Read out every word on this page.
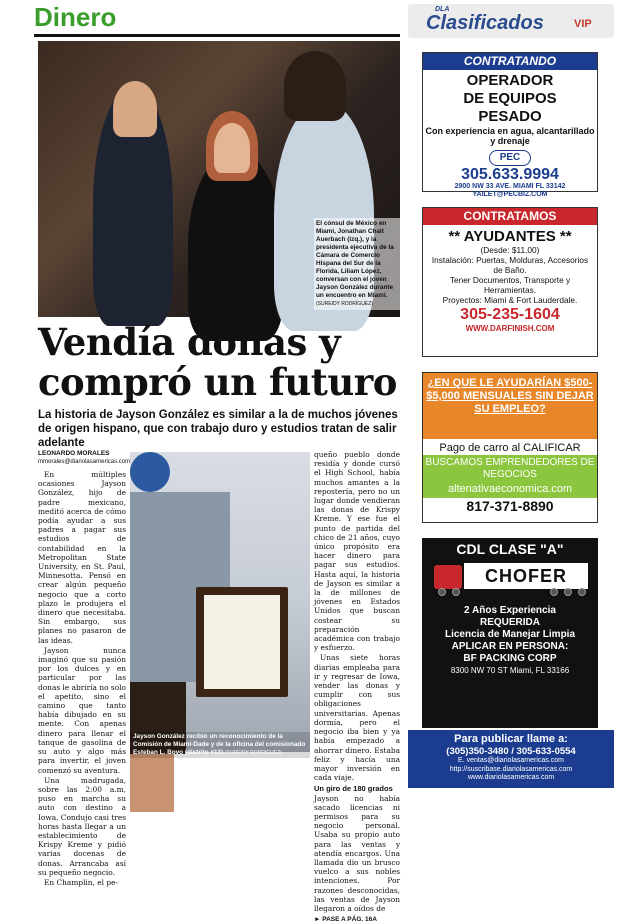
Dinero
El cónsul de México en Miami, Jonathan Chait Auerbach (izq.), y la presidenta ejecutiva de la Cámara de Comercio Hispana del Sur de la Florida, Liliam López, conversan con el joven Jayson González durante un encuentro en Miami. (SUREIDY RODRÍGUEZ)
Vendía donas y compró un futuro
La historia de Jayson González es similar a la de muchos jóvenes de origen hispano, que con trabajo duro y estudios tratan de salir adelante
LEONARDO MORALES
mmorales@diariolasamericas.com

En múltiples ocasiones Jayson González, hijo de padre mexicano, meditó acerca de cómo podía ayudar a sus padres a pagar sus estudios de contabilidad en la Metropolitan State University, en St. Paul, Minnesotta. Pensó en crear algún pequeño negocio que a corto plazo le produjera el dinero que necesitaba. Sin embargo, sus planes no pasaron de las ideas.

Jayson nunca imaginó que su pasión por los dulces y en particular por las donas le abriría no solo el apetito, sino el camino que tanto había dibujado en su mente. Con apenas dinero para llenar el tanque de gasolina de su auto y algo más para invertir, el joven comenzó su aventura.

Una madrugada, sobre las 2:00 a.m, puso en marcha su auto con destino a Iowa. Condujo casi tres horas hasta llegar a un establecimiento de Krispy Kreme y pidió varias docenas de donas. Arrancaba así su pequeño negocio.

En Champlin, el pe-

Jayson González recibió un reconocimiento de la Comisión de Miami-Dade y de la oficina del comisionado Esteban L. Bovo (distrito #13) (SUREIDY RODRÍGUEZ)

queño pueblo donde residía y donde cursó el High School, había muchos amantes a la repostería, pero no un lugar donde vendieran las donas de Krispy Kreme. Y ese fue el punto de partida del chico de 21 años, cuyo único propósito era hacer dinero para pagar sus estudios. Hasta aquí, la historia de Jayson es similar a la de millones de jóvenes en Estados Unidos que buscan costear su preparación académica con trabajo y esfuerzo.

Unas siete horas diarias empleaba para ir y regresar de Iowa, vender las donas y cumplir con sus obligaciones universitarias. Apenas dormía, pero el negocio iba bien y ya había empezado a ahorrar dinero. Estaba feliz y hacía una mayor inversión en cada viaje.

Un giro de 180 grados

Jayson no había sacado licencias ni permisos para su negocio personal. Usaba su propio auto para las ventas y atendía encargos. Una llamada dio un brusco vuelco a sus nobles intenciones. Por razones desconocidas, las ventas de Jayson llegaron a oídos de

► PASE A PÁG. 16A
DLA
Clasificados	VIP
CONTRATANDO
OPERADOR
DE EQUIPOS
PESADO
Con experiencia en agua, alcantarillado y drenaje
PEC
305.633.9994
2900 NW 33 AVE. MIAMI FL 33142
YAILET@PECBIZ.COM
CONTRATAMOS
** AYUDANTES **
(Desde: $11.00)
Instalación: Puertas, Molduras, Accesorios de Baño.
Tener Documentos, Transporte y Herramientas.
Proyectos: Miami & Fort Lauderdale.
305-235-1604
WWW.DARFINISH.COM
¿EN QUE LE AYUDARÍAN $500- $5,000 MENSUALES SIN DEJAR SU EMPLEO?
Pago de carro al CALIFICAR
BUSCAMOS EMPRENDEDORES DE NEGOCIOS
altenativaeconomica.com
817-371-8890
CDL CLASE "A"
CHOFER
2 Años Experiencia
REQUERIDA
Licencia de Manejar Limpia
APLICAR EN PERSONA:
BF PACKING CORP
8300 NW 70 ST Miami, FL 33166
Para publicar llame a:
(305)350-3480 / 305-633-0554
E. ventas@diariolasamericas.com
http://suscribase.diariolasamericas.com
www.diariolasamericas.com
